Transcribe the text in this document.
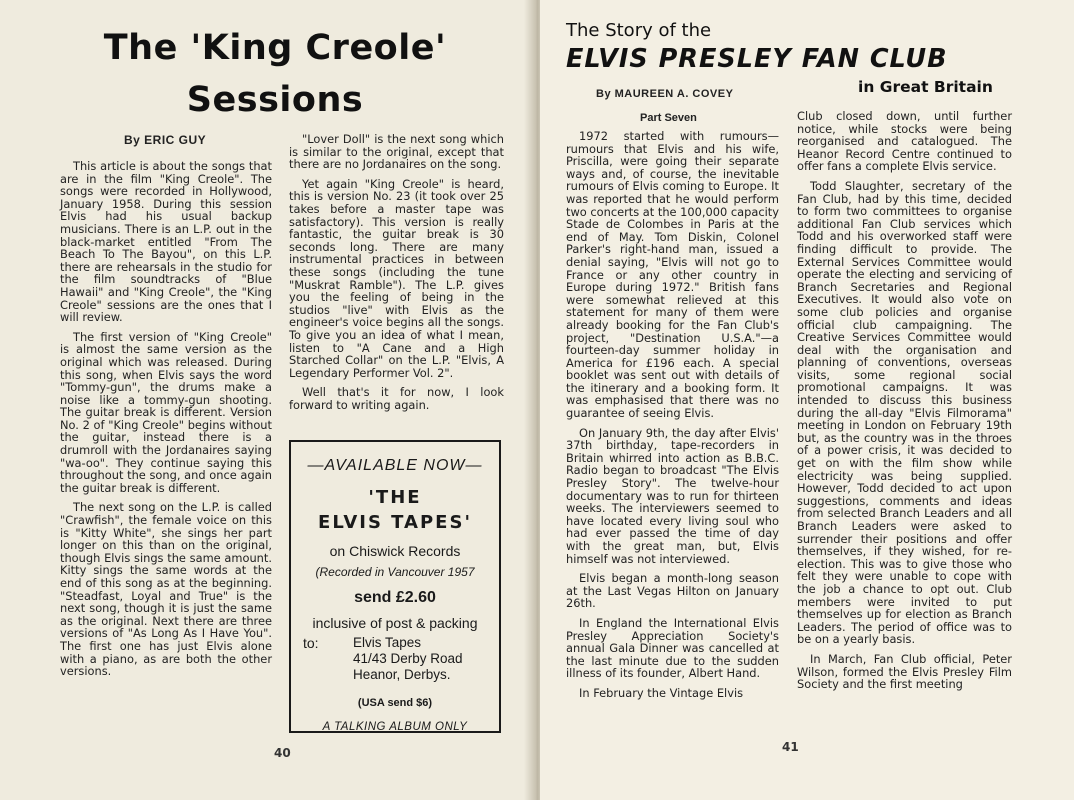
The 'King Creole'
Sessions
By ERIC GUY

This article is about the songs that are in the film "King Creole". The songs were recorded in Hollywood, January 1958. During this session Elvis had his usual backup musicians. There is an L.P. out in the black-market entitled "From The Beach To The Bayou", on this L.P. there are rehearsals in the studio for the film soundtracks of "Blue Hawaii" and "King Creole", the "King Creole" sessions are the ones that I will review.

The first version of "King Creole" is almost the same version as the original which was released. During this song, when Elvis says the word "Tommy-gun", the drums make a noise like a tommy-gun shooting. The guitar break is different. Version No. 2 of "King Creole" begins without the guitar, instead there is a drumroll with the Jordanaires saying "wa-oo". They continue saying this throughout the song, and once again the guitar break is different.

The next song on the L.P. is called "Crawfish", the female voice on this is "Kitty White", she sings her part longer on this than on the original, though Elvis sings the same amount. Kitty sings the same words at the end of this song as at the beginning. "Steadfast, Loyal and True" is the next song, though it is just the same as the original. Next there are three versions of "As Long As I Have You". The first one has just Elvis alone with a piano, as are both the other versions.

"Lover Doll" is the next song which is similar to the original, except that there are no Jordanaires on the song.

Yet again "King Creole" is heard, this is version No. 23 (it took over 25 takes before a master tape was satisfactory). This version is really fantastic, the guitar break is 30 seconds long. There are many instrumental practices in between these songs (including the tune "Muskrat Ramble"). The L.P. gives you the feeling of being in the studios "live" with Elvis as the engineer's voice begins all the songs. To give you an idea of what I mean, listen to "A Cane and a High Starched Collar" on the L.P. "Elvis, A Legendary Performer Vol. 2".

Well that's it for now, I look forward to writing again.

—AVAILABLE NOW—
'THE
ELVIS TAPES'
on Chiswick Records
(Recorded in Vancouver 1957
send £2.60
inclusive of post & packing
to:	Elvis Tapes
41/43 Derby Road
Heanor, Derbys.
(USA send $6)
A TALKING ALBUM ONLY
40
The Story of the
ELVIS PRESLEY FAN CLUB
in Great Britain
By MAUREEN A. COVEY
Part Seven

1972 started with rumours—rumours that Elvis and his wife, Priscilla, were going their separate ways and, of course, the inevitable rumours of Elvis coming to Europe. It was reported that he would perform two concerts at the 100,000 capacity Stade de Colombes in Paris at the end of May. Tom Diskin, Colonel Parker's right-hand man, issued a denial saying, "Elvis will not go to France or any other country in Europe during 1972." British fans were somewhat relieved at this statement for many of them were already booking for the Fan Club's project, "Destination U.S.A."—a fourteen-day summer holiday in America for £196 each. A special booklet was sent out with details of the itinerary and a booking form. It was emphasised that there was no guarantee of seeing Elvis.

On January 9th, the day after Elvis' 37th birthday, tape-recorders in Britain whirred into action as B.B.C. Radio began to broadcast "The Elvis Presley Story". The twelve-hour documentary was to run for thirteen weeks. The interviewers seemed to have located every living soul who had ever passed the time of day with the great man, but, Elvis himself was not interviewed.

Elvis began a month-long season at the Last Vegas Hilton on January 26th.

In England the International Elvis Presley Appreciation Society's annual Gala Dinner was cancelled at the last minute due to the sudden illness of its founder, Albert Hand.

In February the Vintage Elvis

Club closed down, until further notice, while stocks were being reorganised and catalogued. The Heanor Record Centre continued to offer fans a complete Elvis service.

Todd Slaughter, secretary of the Fan Club, had by this time, decided to form two committees to organise additional Fan Club services which Todd and his overworked staff were finding difficult to provide. The External Services Committee would operate the electing and servicing of Branch Secretaries and Regional Executives. It would also vote on some club policies and organise official club campaigning. The Creative Services Committee would deal with the organisation and planning of conventions, overseas visits, some regional social promotional campaigns. It was intended to discuss this business during the all-day "Elvis Filmorama" meeting in London on February 19th but, as the country was in the throes of a power crisis, it was decided to get on with the film show while electricity was being supplied. However, Todd decided to act upon suggestions, comments and ideas from selected Branch Leaders and all Branch Leaders were asked to surrender their positions and offer themselves, if they wished, for re-election. This was to give those who felt they were unable to cope with the job a chance to opt out. Club members were invited to put themselves up for election as Branch Leaders. The period of office was to be on a yearly basis.

In March, Fan Club official, Peter Wilson, formed the Elvis Presley Film Society and the first meeting

41
